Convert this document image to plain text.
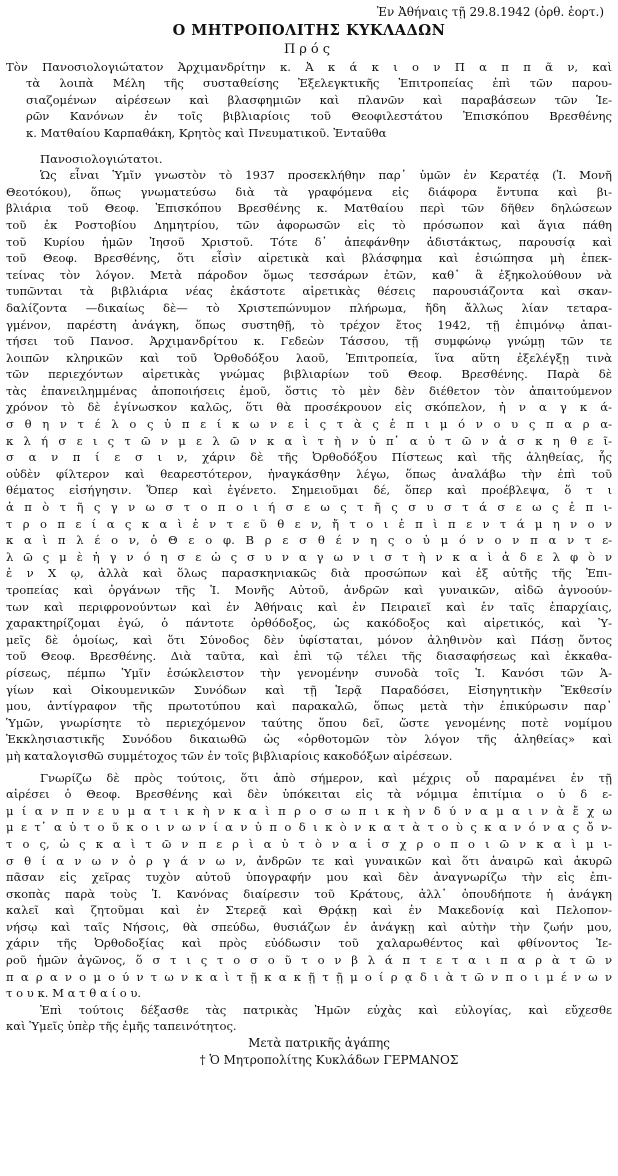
Ἐν Ἀθήναις τῇ 29.8.1942 (ὀρθ. ἑορτ.)
Ο ΜΗΤΡΟΠΟΛΙΤΗΣ ΚΥΚΛΑΔΩΝ
Πρός
Τὸν Πανοσιολογιώτατον Ἀρχιμανδρίτην κ. Ἀ κ ά κ ι ο ν Π α π π ᾶ ν, καὶ
τὰ λοιπὰ Μέλη τῆς συσταθείσης Ἐξελεγκτικῆς Ἐπιτροπείας ἐπὶ τῶν παρου-
σιαζομένων αἱρέσεων καὶ βλασφημιῶν καὶ πλανῶν καὶ παραβάσεων τῶν Ἱε-
ρῶν Κανόνων ἐν τοῖς βιβλιαρίοις τοῦ Θεοφιλεστάτου Ἐπισκόπου Βρεσθένης
κ. Ματθαίου Καρπαθάκη, Κρητὸς καὶ Πνευματικοῦ. Ἐνταῦθα
Πανοσιολογιώτατοι.
Ὡς εἶναι Ὑμῖν γνωστὸν τὸ 1937 προσεκλήθην παρ᾽ ὑμῶν ἐν Κερατέᾳ (Ἱ. Μονῆ
Θεοτόκου), ὅπως γνωματεύσω διὰ τὰ γραφόμενα εἰς διάφορα ἔντυπα καὶ βι-
βλιάρια τοῦ Θεοφ. Ἐπισκόπου Βρεσθένης κ. Ματθαίου περὶ τῶν δῆθεν δηλώσεων
τοῦ ἐκ Ροστοβίου Δημητρίου, τῶν ἀφορωσῶν εἰς τὸ πρόσωπον καὶ ἅγια πάθη
τοῦ Κυρίου ἡμῶν Ἰησοῦ Χριστοῦ. Τότε δ᾽ ἀπεφάνθην ἀδιστάκτως, παρουσίᾳ καὶ
τοῦ Θεοφ. Βρεσθένης, ὅτι εἶσὶν αἱρετικὰ καὶ βλάσφημα καὶ ἐσιώπησα μὴ ἐπεκ-
τείνας τὸν λόγον. Μετὰ πάροδον ὅμως τεσσάρων ἐτῶν, καθ᾽ ἃ ἐξηκολούθουν νὰ
τυπῶνται τὰ βιβλιάρια νέας ἑκάστοτε αἱρετικὰς θέσεις παρουσιάζοντα καὶ σκαν-
δαλίζοντα —δικαίως δὲ— τὸ Χριστεπώνυμον πλήρωμα, ἤδη ἄλλως λίαν τεταρα-
γμένον, παρέστη ἀνάγκη, ὅπως συστηθῇ, τὸ τρέχον ἔτος 1942, τῇ ἐπιμόνῳ ἀπαι-
τήσει τοῦ Πανοσ. Ἀρχιμανδρίτου κ. Γεδεὼν Τάσσου, τῇ συμφώνῳ γνώμῃ τῶν τε
λοιπῶν κληρικῶν καὶ τοῦ Ὀρθοδόξου λαοῦ, Ἐπιτροπεία, ἵνα αὕτη ἐξελέγξῃ τινὰ
τῶν περιεχόντων αἱρετικὰς γνώμας βιβλιαρίων τοῦ Θεοφ. Βρεσθένης. Παρὰ δὲ
τὰς ἐπανειλημμένας ἀποποιήσεις ἐμοῦ, ὅστις τὸ μὲν δὲν διέθετον τὸν ἀπαιτούμενον
χρόνον τὸ δὲ ἐγίνωσκον καλῶς, ὅτι θὰ προσέκρουον εἰς σκόπελον, ἠ ν α γ κ ά-
σ θ η ν τ έ λ ο ς ὑ π ε ί κ ω ν ε ἰ ς τ ὰ ς ἐ π ι μ ό ν ο υ ς π α ρ α-
κ λ ή σ ε ι ς τ ῶ ν μ ε λ ῶ ν κ α ὶ τ ὴ ν ὑ π᾽ α ὐ τ ῶ ν ἀ σ κ η θ ε ῖ-
σ α ν π ί ε σ ι ν, χάριν δὲ τῆς Ὀρθοδόξου Πίστεως καὶ τῆς ἀληθείας, ἧς
οὐδὲν φίλτερον καὶ θεαρεστότερον, ἠναγκάσθην λέγω, ὅπως ἀναλάβω τὴν ἐπὶ τοῦ
θέματος εἰσήγησιν. Ὅπερ καὶ ἐγένετο. Σημειοῦμαι δέ, ὅπερ καὶ προέβλεψα, ὅ τ ι
ἀ π ὸ τ ῆ ς γ ν ω σ τ ο π ο ι ή σ ε ω ς τ ῆ ς σ υ σ τ ά σ ε ω ς ἐ π ι-
τ ρ ο π ε ί α ς κ α ὶ ἐ ν τ ε ῦ θ ε ν, ἤ τ ο ι ἐ π ὶ π ε ν τ ά μ η ν ο ν
κ α ὶ π λ έ ο ν, ὁ Θ ε ο φ. Β ρ ε σ θ έ ν η ς ο ὐ μ ό ν ο ν π α ν τ ε-
λ ῶ ς μ ὲ ἠ γ ν ό η σ ε ὡ ς σ υ ν α γ ω ν ι σ τ ὴ ν κ α ὶ ἀ δ ε λ φ ὸ ν
ἐ ν Χ ῳ, ἀλλὰ καὶ ὅλως παρασκηνιακῶς διὰ προσώπων καὶ ἐξ αὐτῆς τῆς Ἐπι-
τροπείας καὶ ὀργάνων τῆς Ἱ. Μονῆς Αὐτοῦ, ἀνδρῶν καὶ γυναικῶν, αἰδῶ ἀγνοούν-
των καὶ περιφρονούντων καὶ ἐν Ἀθήναις καὶ ἐν Πειραιεῖ καὶ ἐν ταῖς ἐπαρχίαις,
χαρακτηρίζομαι ἐγώ, ὁ πάντοτε ὀρθόδοξος, ὡς κακόδοξος καὶ αἱρετικός, καὶ Ὑ-
μεῖς δὲ ὁμοίως, καὶ ὅτι Σύνοδος δὲν ὑφίσταται, μόνον ἀληθινὸν καὶ Πάσῃ ὄντος
τοῦ Θεοφ. Βρεσθένης. Διὰ ταῦτα, καὶ ἐπὶ τῷ τέλει τῆς διασαφήσεως καὶ ἐκκαθα-
ρίσεως, πέμπω Ὑμῖν ἐσώκλειστον τὴν γενομένην συνοδὰ τοῖς Ἱ. Κανόσι τῶν Ἁ-
γίων καὶ Οἰκουμενικῶν Συνόδων καὶ τῇ Ἱερᾷ Παραδόσει, Εἰσηγητικὴν Ἔκθεσίν
μου, ἀντίγραφον τῆς πρωτοτύπου καὶ παρακαλῶ, ὅπως μετὰ τὴν ἐπικύρωσιν παρ᾽
Ὑμῶν, γνωρίσητε τὸ περιεχόμενον ταύτης ὅπου δεῖ, ὥστε γενομένης ποτὲ νομίμου
Ἐκκλησιαστικῆς Συνόδου δικαιωθῶ ὡς «ὀρθοτομῶν τὸν λόγον τῆς ἀληθείας» καὶ
μὴ καταλογισθῶ συμμέτοχος τῶν ἐν τοῖς βιβλιαρίοις κακοδόξων αἱρέσεων.
Γνωρίζω δὲ πρὸς τούτοις, ὅτι ἀπὸ σήμερον, καὶ μέχρις οὗ παραμένει ἐν τῇ
αἱρέσει ὁ Θεοφ. Βρεσθένης καὶ δὲν ὑπόκειται εἰς τὰ νόμιμα ἐπιτίμια ο ὐ δ ε-
μ ί α ν π ν ε υ μ α τ ι κ ὴ ν κ α ὶ π ρ ο σ ω π ι κ ὴ ν δ ύ ν α μ α ι ν ὰ ἔ χ ω
μ ε τ᾽ α ὐ τ ο ῦ κ ο ι ν ω ν ί α ν ὑ π ο δ ι κ ὸ ν κ α τ ὰ τ ο ὺ ς κ α ν ό ν α ς ὄ ν-
τ ο ς, ὡ ς κ α ὶ τ ῶ ν π ε ρ ὶ α ὐ τ ὸ ν α ἰ σ χ ρ ο π ο ι ῶ ν κ α ὶ μ ι-
σ θ ί α ν ω ν ὀ ρ γ ά ν ω ν, ἀνδρῶν τε καὶ γυναικῶν καὶ ὅτι ἀναιρῶ καὶ ἀκυρῶ
πᾶσαν εἰς χεῖρας τυχὸν αὐτοῦ ὑπογραφήν μου καὶ δὲν ἀναγνωρίζω τὴν εἰς ἐπι-
σκοπὰς παρὰ τοὺς Ἱ. Κανόνας διαίρεσιν τοῦ Κράτους, ἀλλ᾽ ὁπουδήποτε ἡ ἀνάγκη
καλεῖ καὶ ζητοῦμαι καὶ ἐν Στερεᾷ καὶ Θρᾴκῃ καὶ ἐν Μακεδονίᾳ καὶ Πελοπον-
νήσῳ καὶ ταῖς Νήσοις, θὰ σπεύδω, θυσιάζων ἐν ἀνάγκῃ καὶ αὐτὴν τὴν ζωήν μου,
χάριν τῆς Ὀρθοδοξίας καὶ πρὸς εὐόδωσιν τοῦ χαλαρωθέντος καὶ φθίνοντος Ἱε-
ροῦ ἡμῶν ἀγῶνος, ὅ σ τ ι ς τ ο σ ο ῦ τ ο ν β λ ά π τ ε τ α ι π α ρ ὰ τ ῶ ν
π α ρ α ν ο μ ο ύ ν τ ω ν κ α ὶ τ ῇ κ α κ ῇ τ ῇ μ ο ί ρ ᾳ δ ι ὰ τ ῶ ν π ο ι μ έ ν ω ν
τ ο υ κ. Μ α τ θ α ί ο υ.
Ἐπὶ τούτοις δέξασθε τὰς πατρικὰς Ἡμῶν εὐχὰς καὶ εὐλογίας, καὶ εὔχεσθε
καὶ Ὑμεῖς ὑπὲρ τῆς ἐμῆς ταπεινότητος.
Μετὰ πατρικῆς ἀγάπης
† Ὁ Μητροπολίτης Κυκλάδων ΓΕΡΜΑΝΟΣ
